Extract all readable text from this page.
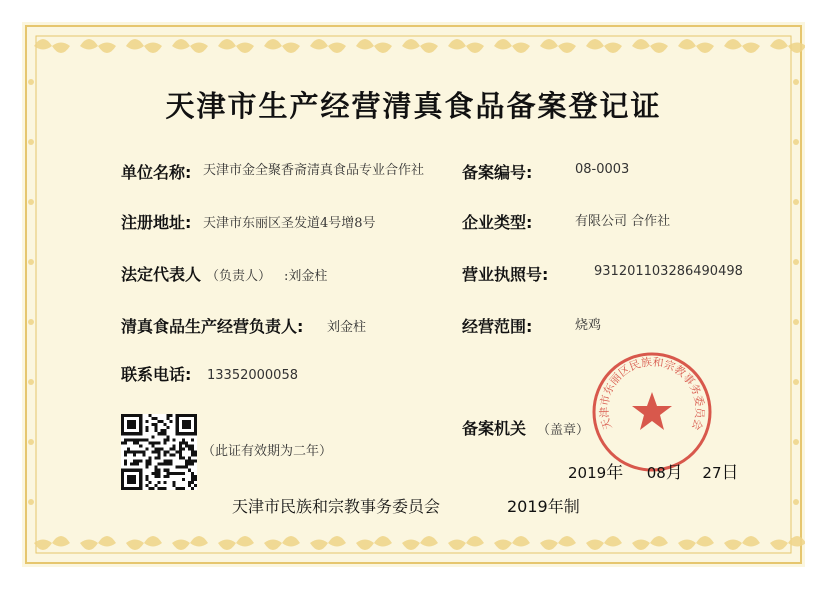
天津市东丽区民族和宗教事务委员会
天津市生产经营清真食品备案登记证
单位名称: 天津市金全聚香斋清真食品专业合作社
注册地址: 天津市东丽区圣发道4号增8号
法定代表人 （负责人） :刘金柱
清真食品生产经营负责人: 刘金柱
联系电话: 13352000058
备案编号:	08-0003
企业类型:	有限公司 合作社
营业执照号:	931201103286490498
经营范围:	烧鸡
备案机关 （盖章）
（此证有效期为二年）
2019年 08月 27日
天津市民族和宗教事务委员会	2019年制
